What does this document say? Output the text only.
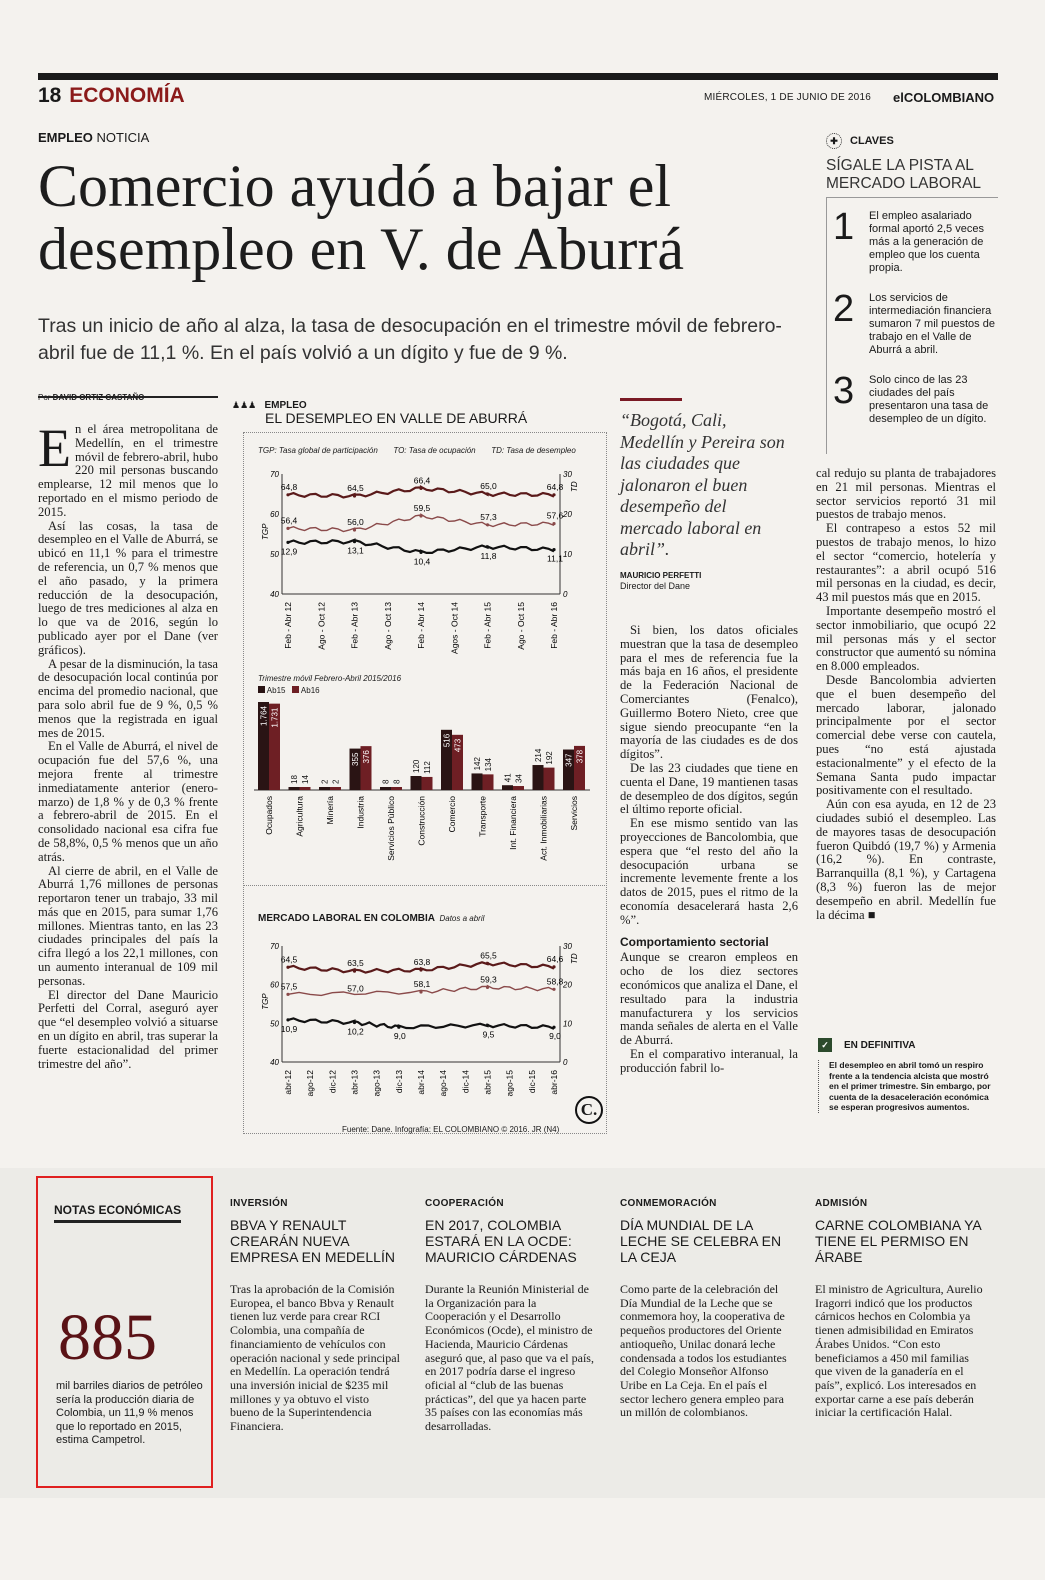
18 ECONOMÍA	MIÉRCOLES, 1 DE JUNIO DE 2016 elCOLOMBIANO
EMPLEO NOTICIA
Comercio ayudó a bajar el desempleo en V. de Aburrá
Tras un inicio de año al alza, la tasa de desocupación en el trimestre móvil de febrero-abril fue de 11,1 %. En el país volvió a un dígito y fue de 9 %.

En el área metropolitana de Medellín, en el trimestre móvil de febrero-abril, hubo 220 mil personas buscando emplearse, 12 mil menos que lo reportado en el mismo periodo de 2015.

Así las cosas, la tasa de desempleo en el Valle de Aburrá, se ubicó en 11,1 % para el trimestre de referencia, un 0,7 % menos que el año pasado, y la primera reducción de la desocupación, luego de tres mediciones al alza en lo que va de 2016, según lo publicado ayer por el Dane (ver gráficos).

A pesar de la disminución, la tasa de desocupación local continúa por encima del promedio nacional, que para solo abril fue de 9 %, 0,5 % menos que la registrada en igual mes de 2015.

En el Valle de Aburrá, el nivel de ocupación fue del 57,6 %, una mejora frente al trimestre inmediatamente anterior (enero-marzo) de 1,8 % y de 0,3 % frente a febrero-abril de 2015. En el consolidado nacional esa cifra fue de 58,8%, 0,5 % menos que un año atrás.

Al cierre de abril, en el Valle de Aburrá 1,76 millones de personas reportaron tener un trabajo, 33 mil más que en 2015, para sumar 1,76 millones. Mientras tanto, en las 23 ciudades principales del país la cifra llegó a los 22,1 millones, con un aumento interanual de 109 mil personas.

El director del Dane Mauricio Perfetti del Corral, aseguró ayer que “el desempleo volvió a situarse en un dígito en abril, tras superar la fuerte estacionalidad del primer trimestre del año”.

♟♟♟ EMPLEO
EL DESEMPLEO EN VALLE DE ABURRÁ
TGP: Tasa global de participación TO: Tasa de ocupación TD: Tasa de desempleo
70
60
50
40
30
20
10
0
TGP
TD
Feb - Abr 12	Ago - Oct 12	Feb - Abr 13	Ago - Oct 13	Feb - Abr 14	Agos - Oct 14	Feb - Abr 15	Ago - Oct 15	Feb - Abr 16
64,8	64,5
66,4
65,0	64,8
56,4	56,0
59,5
57,3	57,6
12,9	13,1
10,4
11,8	11,1
Trimestre móvil Febrero-Abril 2015/2016
Ab15 Ab16
1.764 1.731
Ocupados
18 14
Agricultura
2 2
Minería
355 376
Industria
8 8
Servicios Público
120 112
Construcción
516 473
Comercio
142 134
Transporte
41 34
Int. Financiera
214 192
Act. Inmobiliarias
347 378
Servicios
MERCADO LABORAL EN COLOMBIA Datos a abril
70
60
50
40
30
20
10
0
TGP
TD
abr-12 ago-12 dic-12 abr-13 ago-13 dic-13 abr-14 ago-14 dic-14 abr-15 ago-15 dic-15 abr-16
64,5	63,5	63,8
65,5	64,6
57,5	58,1	59,3	58,8
10,9	10,2	9,0	9,5	9,0
57,0
C.
Fuente: Dane. Infografía: EL COLOMBIANO © 2016. JR (N4)
“Bogotá, Cali, Medellín y Pereira son las ciudades que jalonaron el buen desempeño del mercado laboral en abril”.
MAURICIO PERFETTI
Director del Dane

Si bien, los datos oficiales muestran que la tasa de desempleo para el mes de referencia fue la más baja en 16 años, el presidente de la Federación Nacional de Comerciantes (Fenalco), Guillermo Botero Nieto, cree que sigue siendo preocupante “en la mayoría de las ciudades es de dos dígitos”.

De las 23 ciudades que tiene en cuenta el Dane, 19 mantienen tasas de desempleo de dos dígitos, según el último reporte oficial.

En ese mismo sentido van las proyecciones de Bancolombia, que espera que “el resto del año la desocupación urbana se incremente levemente frente a los datos de 2015, pues el ritmo de la economía desacelerará hasta 2,6 %”.

Comportamiento sectorial

Aunque se crearon empleos en ocho de los diez sectores económicos que analiza el Dane, el resultado para la industria manufacturera y los servicios manda señales de alerta en el Valle de Aburrá.

En el comparativo interanual, la producción fabril lo-

✚ CLAVES
SÍGALE LA PISTA AL MERCADO LABORAL
1 El empleo asalariado formal aportó 2,5 veces más a la generación de empleo que los cuenta propia.
2 Los servicios de intermediación financiera sumaron 7 mil puestos de trabajo en el Valle de Aburrá a abril.
3 Solo cinco de las 23 ciudades del país presentaron una tasa de desempleo de un dígito.

cal redujo su planta de trabajadores en 21 mil personas. Mientras el sector servicios reportó 31 mil puestos de trabajo menos.

El contrapeso a estos 52 mil puestos de trabajo menos, lo hizo el sector “comercio, hotelería y restaurantes”: a abril ocupó 516 mil personas en la ciudad, es decir, 43 mil puestos más que en 2015.

Importante desempeño mostró el sector inmobiliario, que ocupó 22 mil personas más y el sector constructor que aumentó su nómina en 8.000 empleados.

Desde Bancolombia advierten que el buen desempeño del mercado laborar, jalonado principalmente por el sector comercial debe verse con cautela, pues “no está ajustada estacionalmente” y el efecto de la Semana Santa pudo impactar positivamente con el resultado.

Aún con esa ayuda, en 12 de 23 ciudades subió el desempleo. Las de mayores tasas de desocupación fueron Quibdó (19,7 %) y Armenia (16,2 %). En contraste, Barranquilla (8,1 %), y Cartagena (8,3 %) fueron las de mejor desempeño en abril. Medellín fue la décima ■

✓ EN DEFINITIVA
El desempleo en abril tomó un respiro frente a la tendencia alcista que mostró en el primer trimestre. Sin embargo, por cuenta de la desaceleración económica se esperan progresivos aumentos.
NOTAS ECONÓMICAS
885
mil barriles diarios de petróleo sería la producción diaria de Colombia, un 11,9 % menos que lo reportado en 2015, estima Campetrol.
INVERSIÓN
BBVA Y RENAULT CREARÁN NUEVA EMPRESA EN MEDELLÍN
Tras la aprobación de la Comisión Europea, el banco Bbva y Renault tienen luz verde para crear RCI Colombia, una compañía de financiamiento de vehículos con operación nacional y sede principal en Medellín. La operación tendrá una inversión inicial de $235 mil millones y ya obtuvo el visto bueno de la Superintendencia Financiera.
COOPERACIÓN
EN 2017, COLOMBIA ESTARÁ EN LA OCDE: MAURICIO CÁRDENAS
Durante la Reunión Ministerial de la Organización para la Cooperación y el Desarrollo Económicos (Ocde), el ministro de Hacienda, Mauricio Cárdenas aseguró que, al paso que va el país, en 2017 podría darse el ingreso oficial al “club de las buenas prácticas”, del que ya hacen parte 35 países con las economías más desarrolladas.
CONMEMORACIÓN
DÍA MUNDIAL DE LA LECHE SE CELEBRA EN LA CEJA
Como parte de la celebración del Día Mundial de la Leche que se conmemora hoy, la cooperativa de pequeños productores del Oriente antioqueño, Unilac donará leche condensada a todos los estudiantes del Colegio Monseñor Alfonso Uribe en La Ceja. En el país el sector lechero genera empleo para un millón de colombianos.
ADMISIÓN
CARNE COLOMBIANA YA TIENE EL PERMISO EN ÁRABE
El ministro de Agricultura, Aurelio Iragorri indicó que los productos cárnicos hechos en Colombia ya tienen admisibilidad en Emiratos Árabes Unidos. “Con esto beneficiamos a 450 mil familias que viven de la ganadería en el país”, explicó. Los interesados en exportar carne a ese país deberán iniciar la certificación Halal.
